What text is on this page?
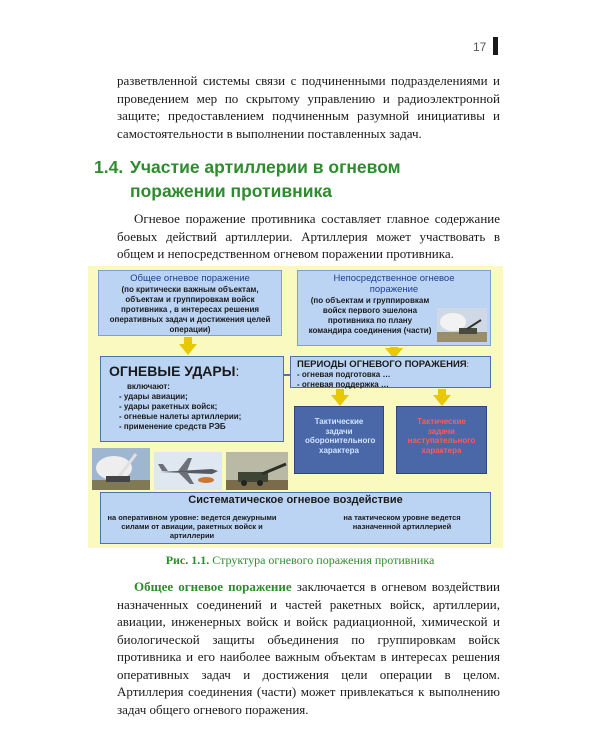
17

разветвленной системы связи с подчиненными подразделениями и проведением мер по скрытому управлению и радиоэлектронной защите; предоставлением подчиненным разумной инициативы и самостоятельности в выполнении поставленных задач.

1.4. Участие артиллерии в огневом
поражении противника

Огневое поражение противника составляет главное содержание боевых действий артиллерии. Артиллерия может участвовать в общем и непосредственном огневом поражении противника.

Общее огневое поражение
(по критически важным объектам, объектам и группировкам войск противника , в интересах решения оперативных задач и достижения целей операции)
Непосредственное огневое поражение
(по объектам и группировкам войск первого эшелона противника по плану командира соединения (части)
ОГНЕВЫЕ УДАРЫ:
включают:
- удары авиации;
- удары ракетных войск;
- огневые налеты артиллерии;
- применение средств РЭБ
ПЕРИОДЫ ОГНЕВОГО ПОРАЖЕНИЯ:
- огневая подготовка …
- огневая поддержка …
Тактические задачи оборонительного характера
Тактические задачи наступательного характера
Систематическое огневое воздействие
на оперативном уровне: ведется дежурными силами от авиации, ракетных войск и артиллерии
на тактическом уровне ведется назначенной артиллерией
Рис. 1.1. Структура огневого поражения противника

Общее огневое поражение заключается в огневом воздействии назначенных соединений и частей ракетных войск, артиллерии, авиации, инженерных войск и войск радиационной, химической и биологической защиты объединения по группировкам войск противника и его наиболее важным объектам в интересах решения оперативных задач и достижения цели операции в целом. Артиллерия соединения (части) может привлекаться к выполнению задач общего огневого поражения.
